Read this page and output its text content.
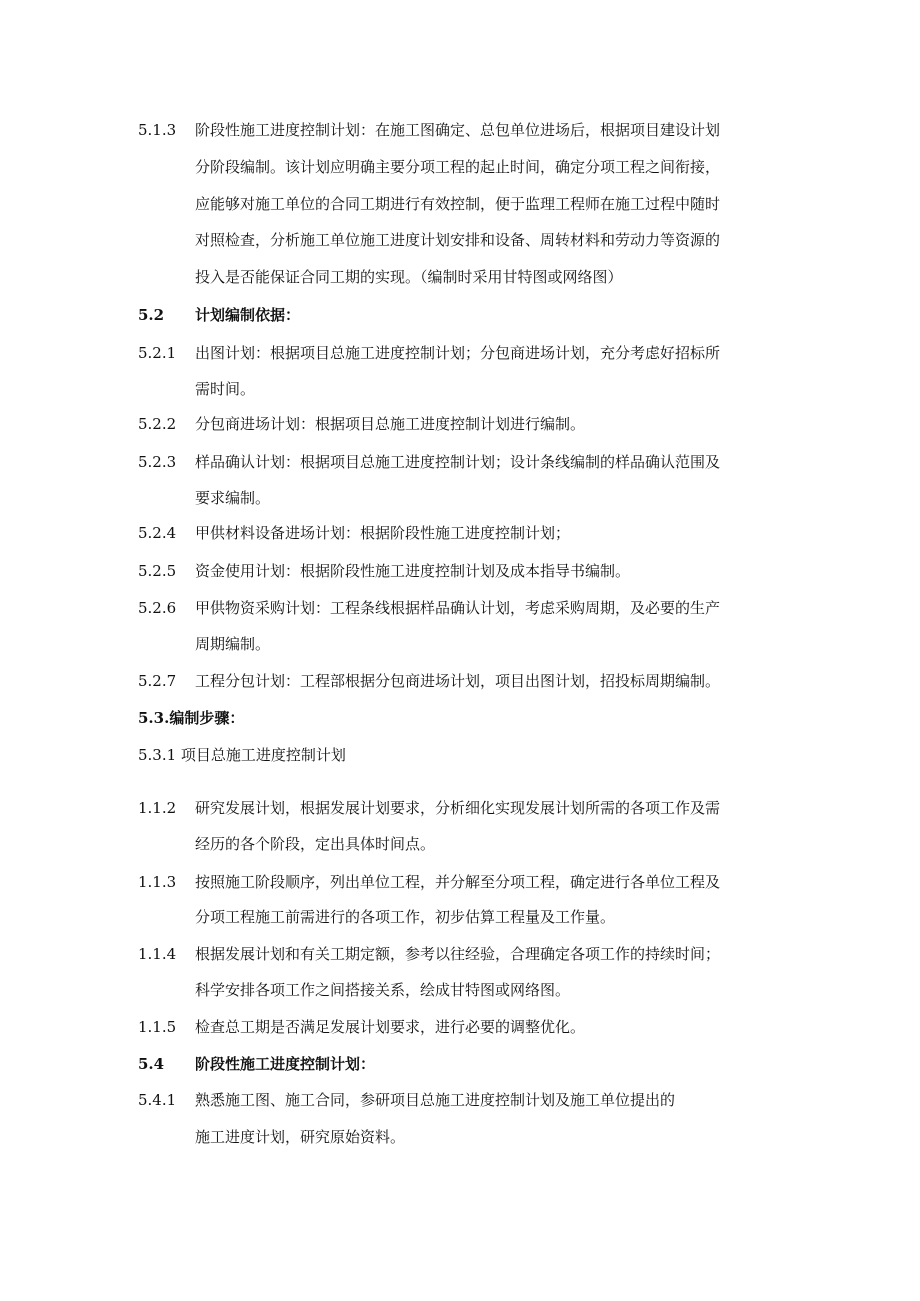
5.1.3 阶段性施工进度控制计划：在施工图确定、总包单位进场后，根据项目建设计划
分阶段编制。该计划应明确主要分项工程的起止时间，确定分项工程之间衔接，
应能够对施工单位的合同工期进行有效控制，便于监理工程师在施工过程中随时
对照检查，分析施工单位施工进度计划安排和设备、周转材料和劳动力等资源的
投入是否能保证合同工期的实现。（编制时采用甘特图或网络图）
5.2 计划编制依据：
5.2.1 出图计划：根据项目总施工进度控制计划；分包商进场计划，充分考虑好招标所
需时间。
5.2.2 分包商进场计划：根据项目总施工进度控制计划进行编制。
5.2.3 样品确认计划：根据项目总施工进度控制计划；设计条线编制的样品确认范围及
要求编制。
5.2.4 甲供材料设备进场计划：根据阶段性施工进度控制计划；
5.2.5 资金使用计划：根据阶段性施工进度控制计划及成本指导书编制。
5.2.6 甲供物资采购计划：工程条线根据样品确认计划，考虑采购周期，及必要的生产
周期编制。
5.2.7 工程分包计划：工程部根据分包商进场计划，项目出图计划，招投标周期编制。
5.3.编制步骤：
5.3.1 项目总施工进度控制计划
1.1.2 研究发展计划，根据发展计划要求，分析细化实现发展计划所需的各项工作及需
经历的各个阶段，定出具体时间点。
1.1.3 按照施工阶段顺序，列出单位工程，并分解至分项工程，确定进行各单位工程及
分项工程施工前需进行的各项工作，初步估算工程量及工作量。
1.1.4 根据发展计划和有关工期定额，参考以往经验，合理确定各项工作的持续时间；
科学安排各项工作之间搭接关系，绘成甘特图或网络图。
1.1.5 检查总工期是否满足发展计划要求，进行必要的调整优化。
5.4 阶段性施工进度控制计划：
5.4.1 熟悉施工图、施工合同，参研项目总施工进度控制计划及施工单位提出的
施工进度计划，研究原始资料。
